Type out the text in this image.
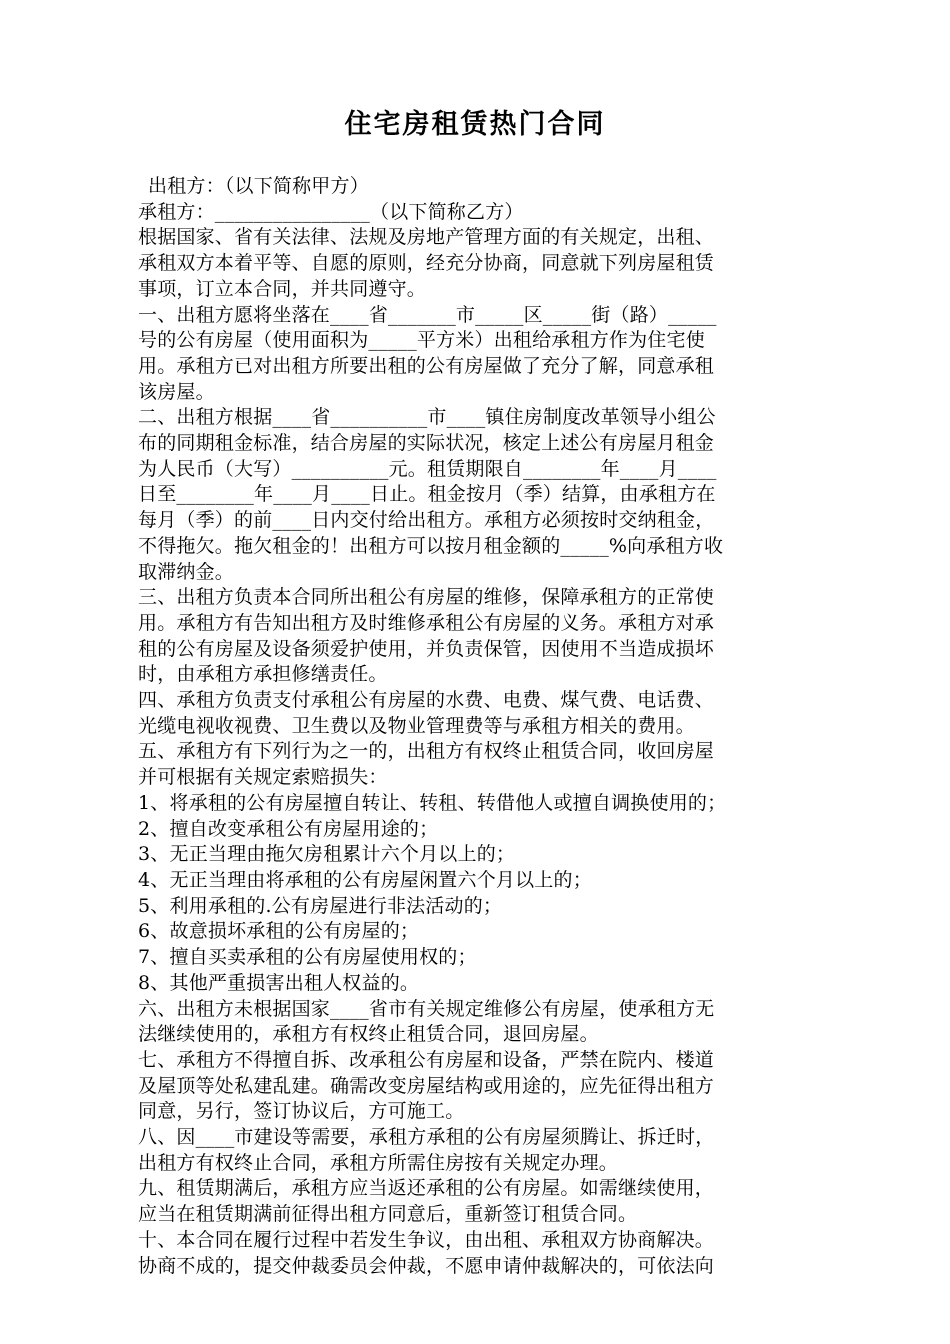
住宅房租赁热门合同
出租方：（以下简称甲方）
承租方：________________（以下简称乙方）
根据国家、省有关法律、法规及房地产管理方面的有关规定，出租、
承租双方本着平等、自愿的原则，经充分协商，同意就下列房屋租赁
事项，订立本合同，并共同遵守。
一、出租方愿将坐落在____省_______市_____区_____街（路）_____
号的公有房屋（使用面积为_____平方米）出租给承租方作为住宅使
用。承租方已对出租方所要出租的公有房屋做了充分了解，同意承租
该房屋。
二、出租方根据____省__________市____镇住房制度改革领导小组公
布的同期租金标准，结合房屋的实际状况，核定上述公有房屋月租金
为人民币（大写）__________元。租赁期限自________年____月____
日至________年____月____日止。租金按月（季）结算，由承租方在
每月（季）的前____日内交付给出租方。承租方必须按时交纳租金，
不得拖欠。拖欠租金的！出租方可以按月租金额的_____%向承租方收
取滞纳金。
三、出租方负责本合同所出租公有房屋的维修，保障承租方的正常使
用。承租方有告知出租方及时维修承租公有房屋的义务。承租方对承
租的公有房屋及设备须爱护使用，并负责保管，因使用不当造成损坏
时，由承租方承担修缮责任。
四、承租方负责支付承租公有房屋的水费、电费、煤气费、电话费、
光缆电视收视费、卫生费以及物业管理费等与承租方相关的费用。
五、承租方有下列行为之一的，出租方有权终止租赁合同，收回房屋
并可根据有关规定索赔损失：
1、将承租的公有房屋擅自转让、转租、转借他人或擅自调换使用的；
2、擅自改变承租公有房屋用途的；
3、无正当理由拖欠房租累计六个月以上的；
4、无正当理由将承租的公有房屋闲置六个月以上的；
5、利用承租的.公有房屋进行非法活动的；
6、故意损坏承租的公有房屋的；
7、擅自买卖承租的公有房屋使用权的；
8、其他严重损害出租人权益的。
六、出租方未根据国家____省市有关规定维修公有房屋，使承租方无
法继续使用的，承租方有权终止租赁合同，退回房屋。
七、承租方不得擅自拆、改承租公有房屋和设备，严禁在院内、楼道
及屋顶等处私建乱建。确需改变房屋结构或用途的，应先征得出租方
同意，另行，签订协议后，方可施工。
八、因____市建设等需要，承租方承租的公有房屋须腾让、拆迁时，
出租方有权终止合同，承租方所需住房按有关规定办理。
九、租赁期满后，承租方应当返还承租的公有房屋。如需继续使用，
应当在租赁期满前征得出租方同意后，重新签订租赁合同。
十、本合同在履行过程中若发生争议，由出租、承租双方协商解决。
协商不成的，提交仲裁委员会仲裁，不愿申请仲裁解决的，可依法向
